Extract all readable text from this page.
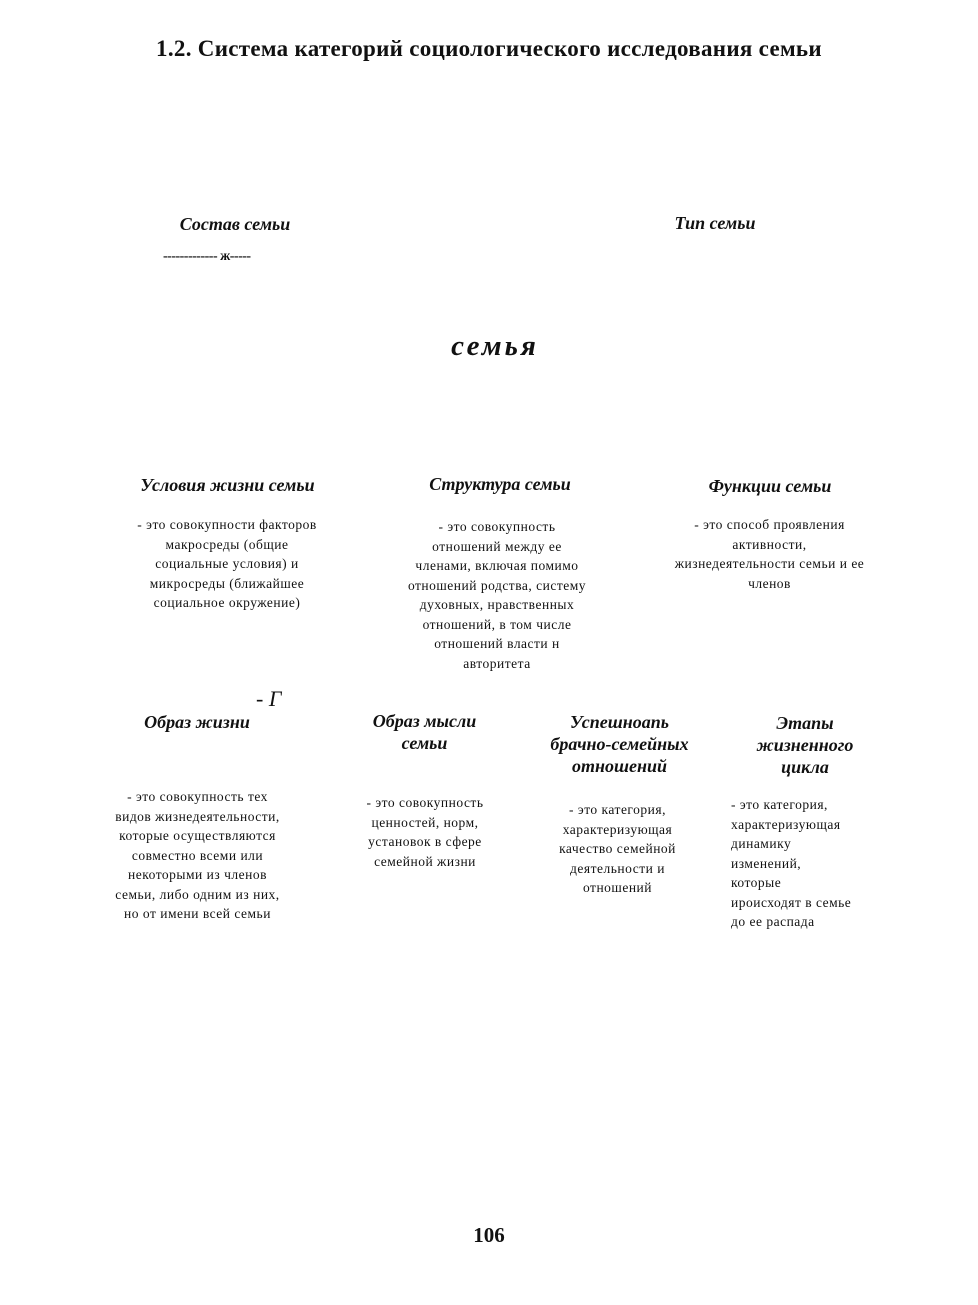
1.2. Система категорий социологического исследования семьи
Состав семьи
------------- ж-----
Тип семьи
семья
Условия жизни семьи
- это совокупности факторов
макросреды (общие
социальные условия) и
микросреды (ближайшее
социальное окружение)
Структура семьи
- это совокупность
отношений между ее
членами, включая помимо
отношений родства, систему
духовных, нравственных
отношений, в том числе
отношений власти н
авторитета
Функции семьи
- это способ проявления
активности,
жизнедеятельности семьи и ее
членов
- Г
Образ жизни
- это совокупность тех
видов жизнедеятельности,
которые осуществляются
совместно всеми или
некоторыми из членов
семьи, либо одним из них,
но от имени всей семьи
Образ мысли
семьи
- это совокупность
ценностей, норм,
установок в сфере
семейной жизни
Успешноапь
брачно-семейных
отношений
- это категория,
характеризующая
качество семейной
деятельности и
отношений
Этапы
жизненного
цикла
- это категория,
характеризующая
динамику
изменений,
которые
ироисходят в семье
до ее распада
106
